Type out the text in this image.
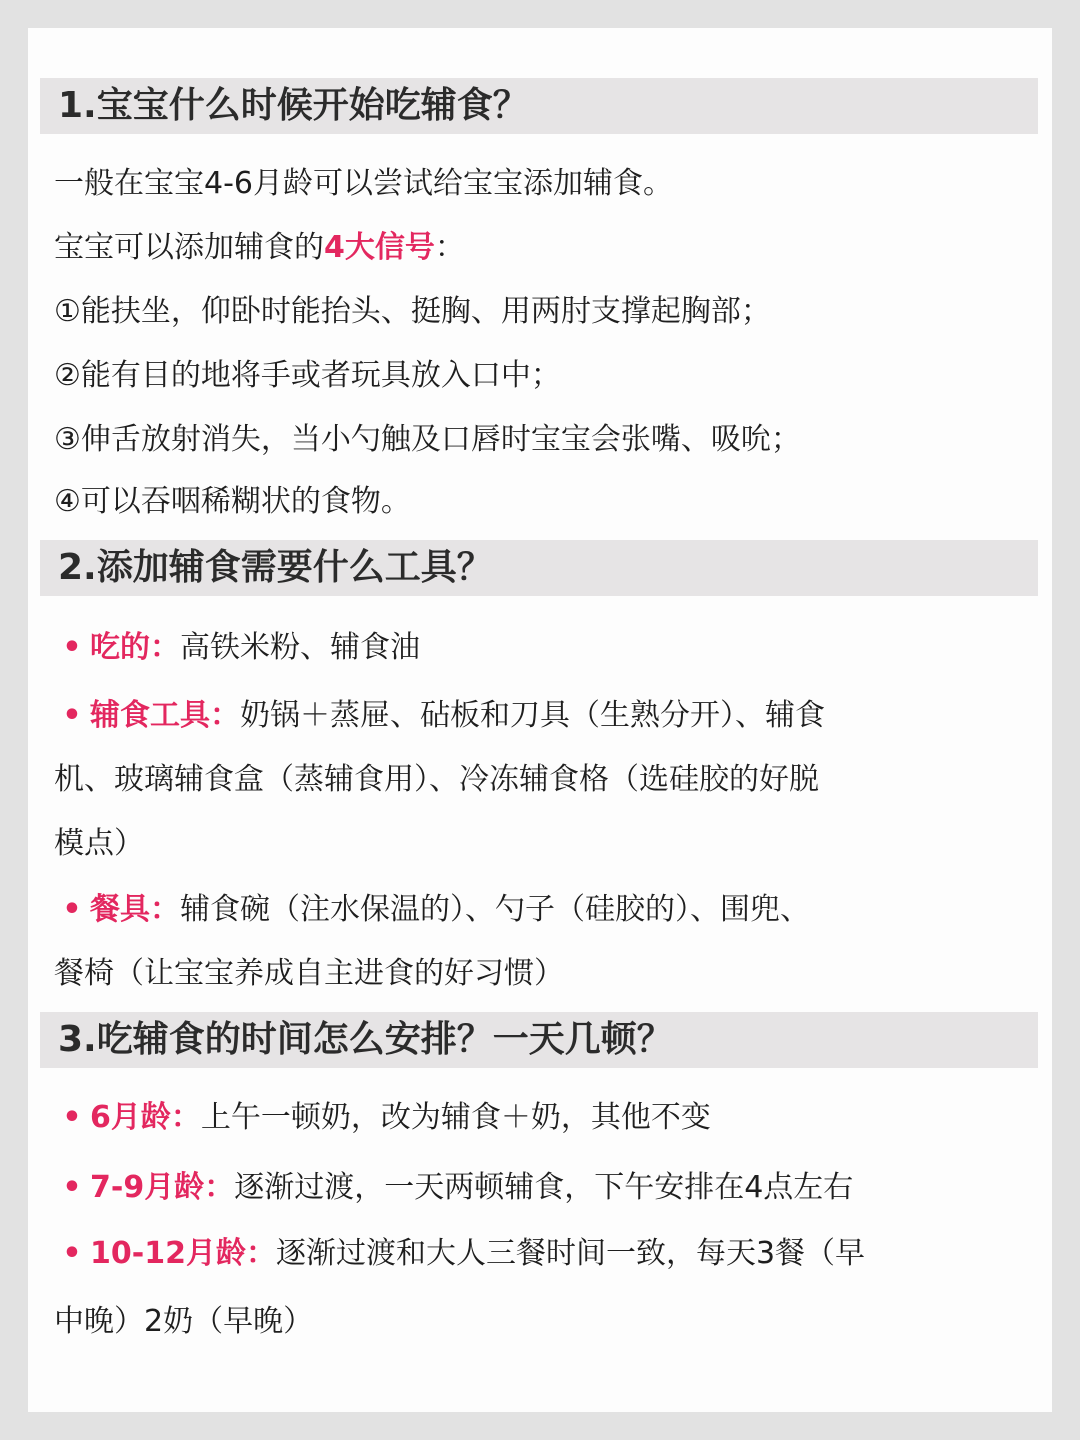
1.宝宝什么时候开始吃辅食？
一般在宝宝4-6月龄可以尝试给宝宝添加辅食。
宝宝可以添加辅食的4大信号：
①能扶坐，仰卧时能抬头、挺胸、用两肘支撑起胸部；
②能有目的地将手或者玩具放入口中；
③伸舌放射消失，当小勺触及口唇时宝宝会张嘴、吸吮；
④可以吞咽稀糊状的食物。
2.添加辅食需要什么工具？
• 吃的：高铁米粉、辅食油
• 辅食工具：奶锅＋蒸屉、砧板和刀具（生熟分开）、辅食
机、玻璃辅食盒（蒸辅食用）、冷冻辅食格（选硅胶的好脱
模点）
• 餐具：辅食碗（注水保温的）、勺子（硅胶的）、围兜、
餐椅（让宝宝养成自主进食的好习惯）
3.吃辅食的时间怎么安排？一天几顿？
• 6月龄：上午一顿奶，改为辅食＋奶，其他不变
• 7-9月龄：逐渐过渡，一天两顿辅食，下午安排在4点左右
• 10-12月龄：逐渐过渡和大人三餐时间一致，每天3餐（早
中晚）2奶（早晚）
